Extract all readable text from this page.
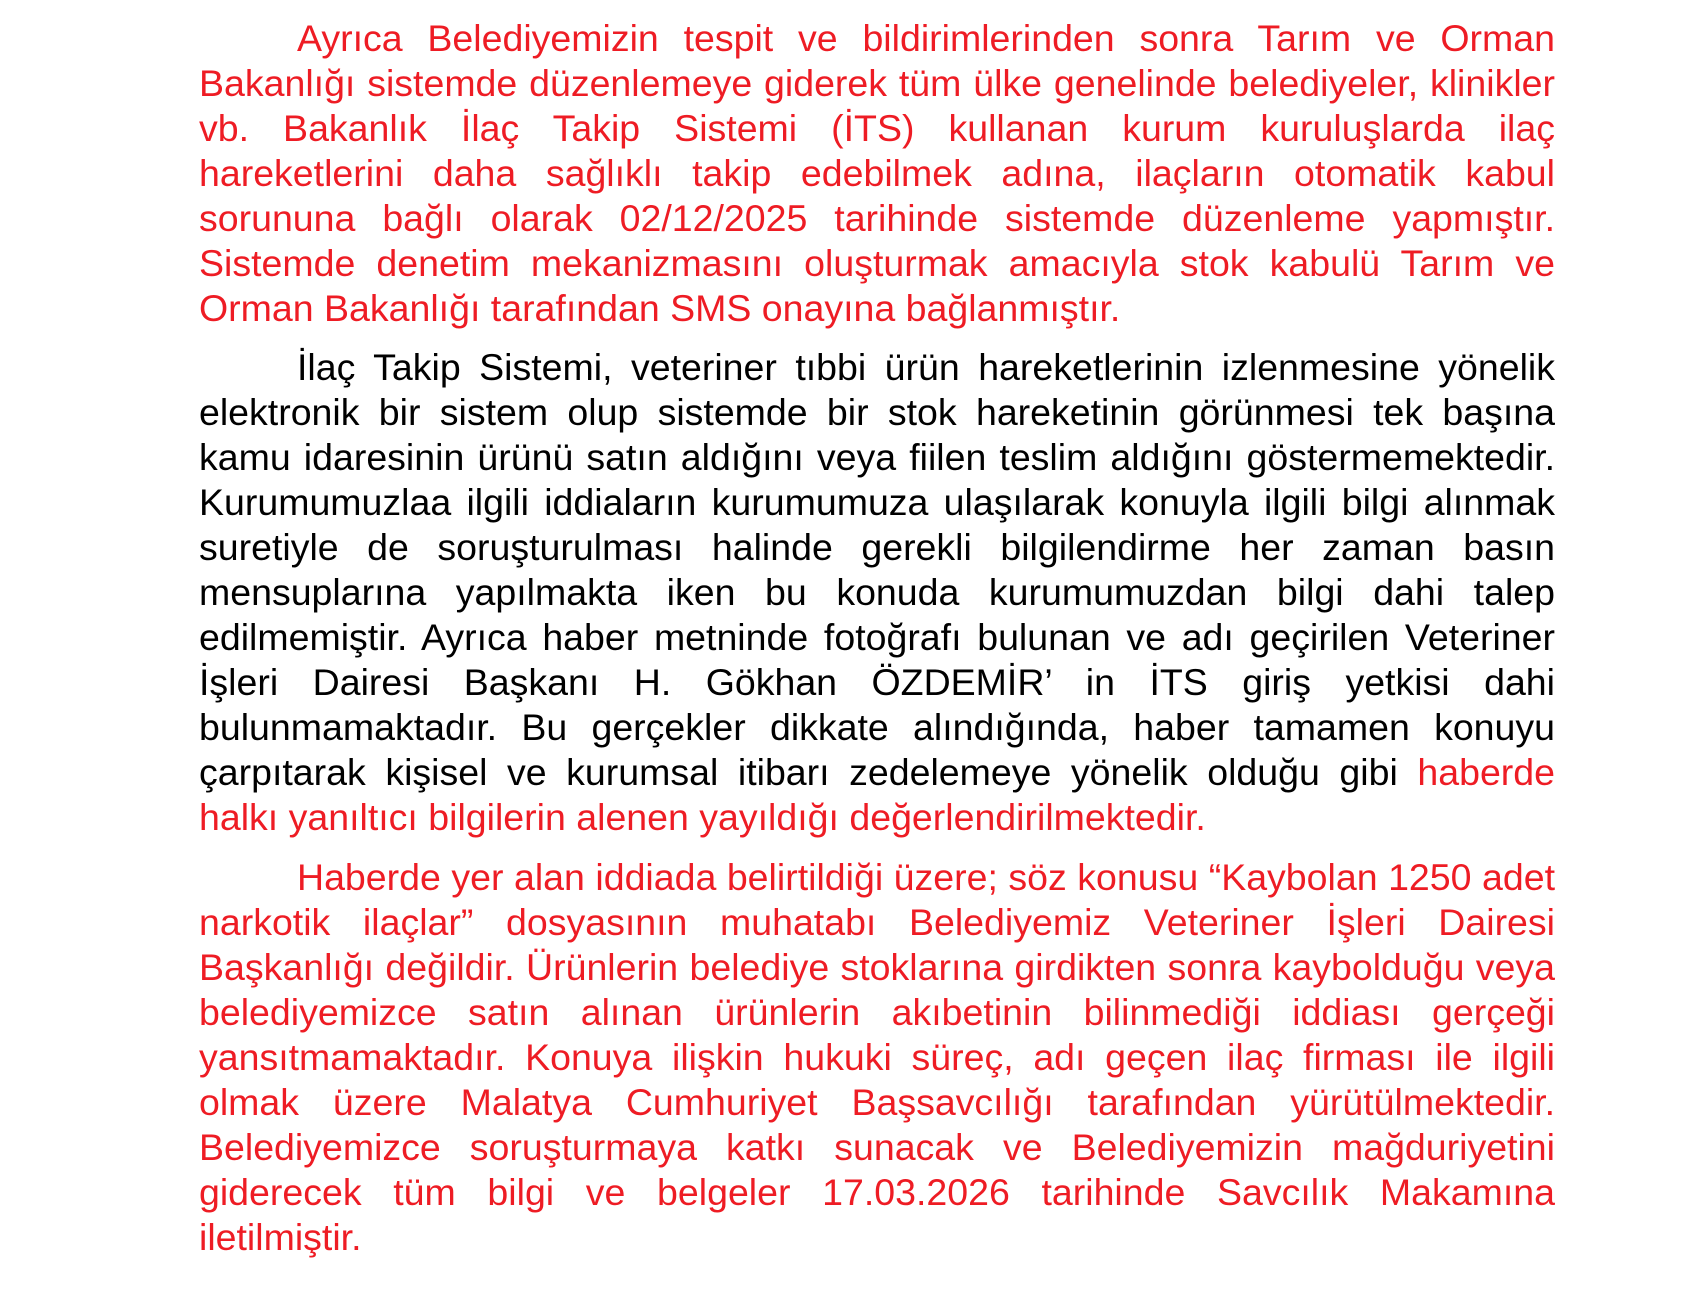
Ayrıca Belediyemizin tespit ve bildirimlerinden sonra Tarım ve Orman Bakanlığı sistemde düzenlemeye giderek tüm ülke genelinde belediyeler, klinikler vb. Bakanlık İlaç Takip Sistemi (İTS) kullanan kurum kuruluşlarda ilaç hareketlerini daha sağlıklı takip edebilmek adına, ilaçların otomatik kabul sorununa bağlı olarak 02/12/2025 tarihinde sistemde düzenleme yapmıştır. Sistemde denetim mekanizmasını oluşturmak amacıyla stok kabulü Tarım ve Orman Bakanlığı tarafından SMS onayına bağlanmıştır.

İlaç Takip Sistemi, veteriner tıbbi ürün hareketlerinin izlenmesine yönelik elektronik bir sistem olup sistemde bir stok hareketinin görünmesi tek başına kamu idaresinin ürünü satın aldığını veya fiilen teslim aldığını göstermemektedir. Kurumumuzlaa ilgili iddiaların kurumumuza ulaşılarak konuyla ilgili bilgi alınmak suretiyle de soruşturulması halinde gerekli bilgilendirme her zaman basın mensuplarına yapılmakta iken bu konuda kurumumuzdan bilgi dahi talep edilmemiştir. Ayrıca haber metninde fotoğrafı bulunan ve adı geçirilen Veteriner İşleri Dairesi Başkanı H. Gökhan ÖZDEMİR’ in İTS giriş yetkisi dahi bulunmamaktadır. Bu gerçekler dikkate alındığında, haber tamamen konuyu çarpıtarak kişisel ve kurumsal itibarı zedelemeye yönelik olduğu gibi haberde halkı yanıltıcı bilgilerin alenen yayıldığı değerlendirilmektedir.

Haberde yer alan iddiada belirtildiği üzere; söz konusu “Kaybolan 1250 adet narkotik ilaçlar” dosyasının muhatabı Belediyemiz Veteriner İşleri Dairesi Başkanlığı değildir. Ürünlerin belediye stoklarına girdikten sonra kaybolduğu veya belediyemizce satın alınan ürünlerin akıbetinin bilinmediği iddiası gerçeği yansıtmamaktadır. Konuya ilişkin hukuki süreç, adı geçen ilaç firması ile ilgili olmak üzere Malatya Cumhuriyet Başsavcılığı tarafından yürütülmektedir. Belediyemizce soruşturmaya katkı sunacak ve Belediyemizin mağduriyetini giderecek tüm bilgi ve belgeler 17.03.2026 tarihinde Savcılık Makamına iletilmiştir.
